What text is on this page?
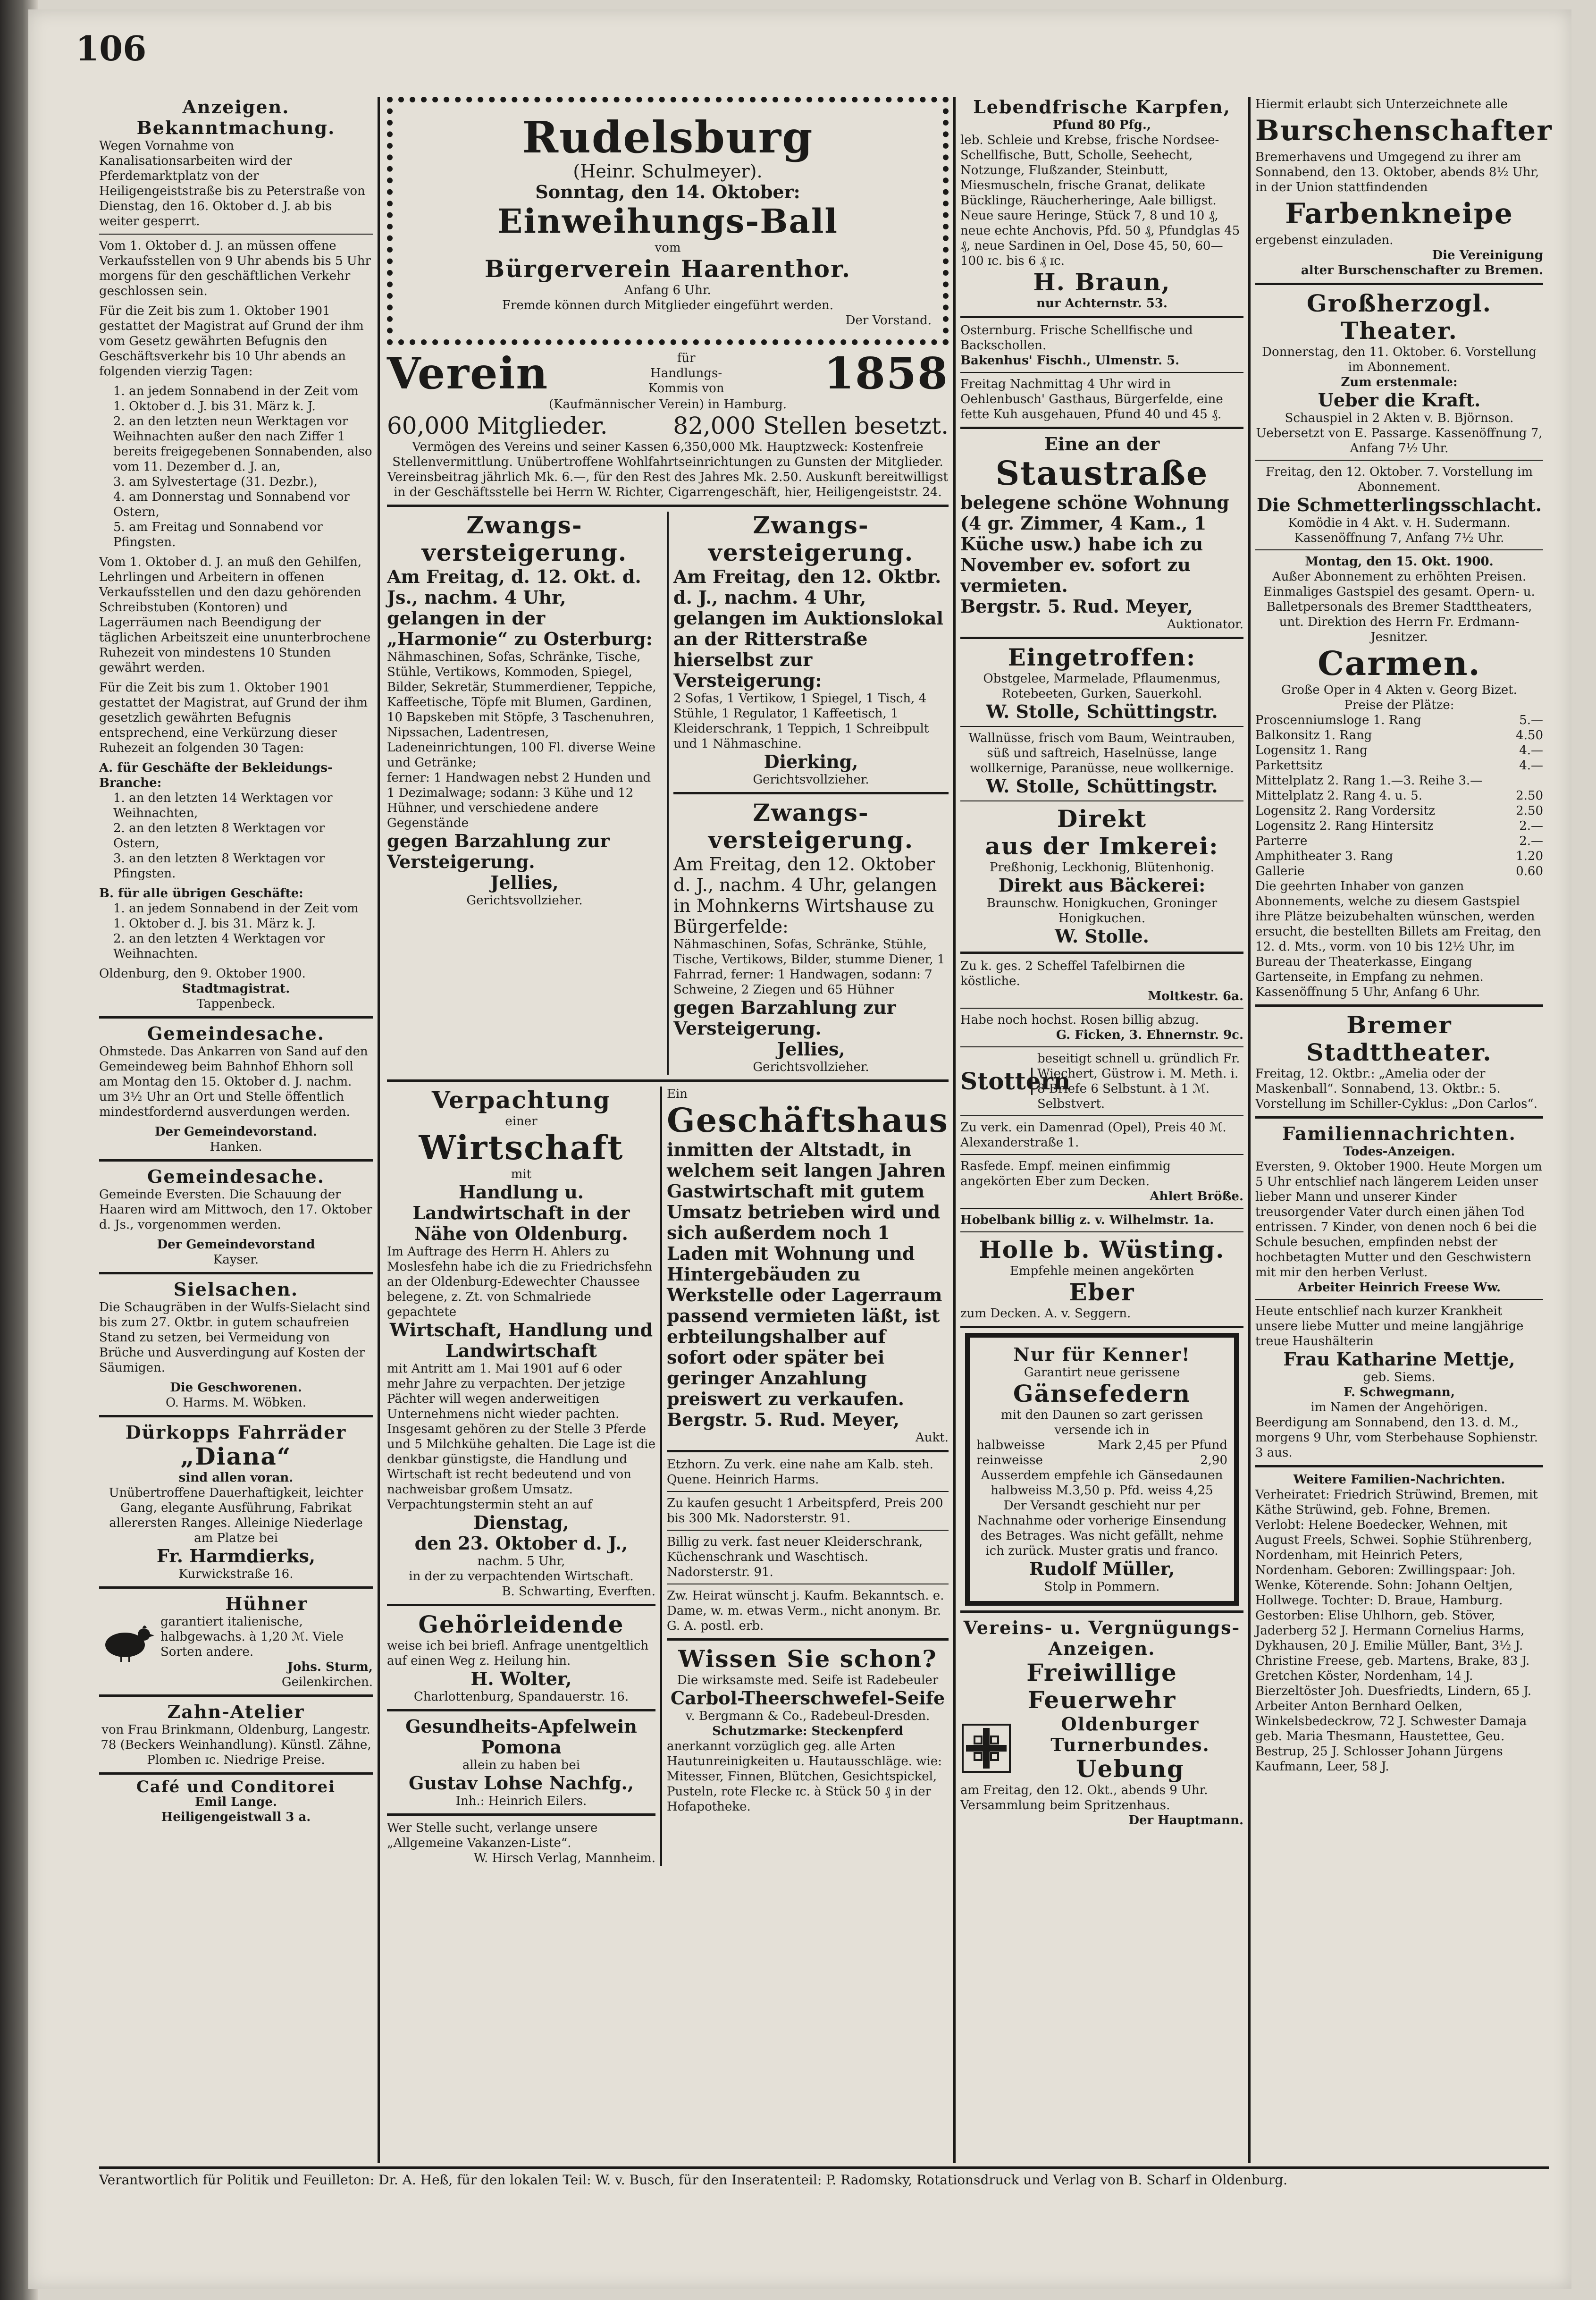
106
Anzeigen.
Bekanntmachung.
Wegen Vornahme von Kanalisationsarbeiten wird der Pferdemarktplatz von der Heiligengeiststraße bis zu Peterstraße von Dienstag, den 16. Oktober d. J. ab bis weiter gesperrt.
Vom 1. Oktober d. J. an müssen offene Verkaufsstellen von 9 Uhr abends bis 5 Uhr morgens für den geschäftlichen Verkehr geschlossen sein.
Für die Zeit bis zum 1. Oktober 1901 gestattet der Magistrat auf Grund der ihm vom Gesetz gewährten Befugnis den Geschäftsverkehr bis 10 Uhr abends an folgenden vierzig Tagen:
1. an jedem Sonnabend in der Zeit vom 1. Oktober d. J. bis 31. März k. J.
2. an den letzten neun Werktagen vor Weihnachten außer den nach Ziffer 1 bereits freigegebenen Sonnabenden, also vom 11. Dezember d. J. an,
3. am Sylvestertage (31. Dezbr.),
4. am Donnerstag und Sonnabend vor Ostern,
5. am Freitag und Sonnabend vor Pfingsten.
Vom 1. Oktober d. J. an muß den Gehilfen, Lehrlingen und Arbeitern in offenen Verkaufsstellen und den dazu gehörenden Schreibstuben (Kontoren) und Lagerräumen nach Beendigung der täglichen Arbeitszeit eine ununterbrochene Ruhezeit von mindestens 10 Stunden gewährt werden.
Für die Zeit bis zum 1. Oktober 1901 gestattet der Magistrat, auf Grund der ihm gesetzlich gewährten Befugnis entsprechend, eine Verkürzung dieser Ruhezeit an folgenden 30 Tagen:
A. für Geschäfte der Bekleidungs-Branche:
1. an den letzten 14 Werktagen vor Weihnachten,
2. an den letzten 8 Werktagen vor Ostern,
3. an den letzten 8 Werktagen vor Pfingsten.
B. für alle übrigen Geschäfte:
1. an jedem Sonnabend in der Zeit vom 1. Oktober d. J. bis 31. März k. J.
2. an den letzten 4 Werktagen vor Weihnachten.
Oldenburg, den 9. Oktober 1900.
Stadtmagistrat.
Tappenbeck.
Gemeindesache.
Ohmstede. Das Ankarren von Sand auf den Gemeindeweg beim Bahnhof Ehhorn soll am Montag den 15. Oktober d. J. nachm. um 3½ Uhr an Ort und Stelle öffentlich mindestfordernd ausverdungen werden.
Der Gemeindevorstand.
Hanken.
Gemeindesache.
Gemeinde Eversten. Die Schauung der Haaren wird am Mittwoch, den 17. Oktober d. Js., vorgenommen werden.
Der Gemeindevorstand
Kayser.
Sielsachen.
Die Schaugräben in der Wulfs-Sielacht sind bis zum 27. Oktbr. in gutem schaufreien Stand zu setzen, bei Vermeidung von Brüche und Ausverdingung auf Kosten der Säumigen.
Die Geschworenen.
O. Harms. M. Wöbken.
Dürkopps Fahrräder
„Diana“
sind allen voran.
Unübertroffene Dauerhaftigkeit, leichter Gang, elegante Ausführung, Fabrikat allerersten Ranges. Alleinige Niederlage am Platze bei
Fr. Harmdierks,
Kurwickstraße 16.
Hühner
garantiert italienische, halbgewachs. à 1,20 ℳ. Viele Sorten andere.
Johs. Sturm,
Geilenkirchen.
Zahn-Atelier
von Frau Brinkmann, Oldenburg, Langestr. 78 (Beckers Weinhandlung). Künstl. Zähne, Plomben ɪc. Niedrige Preise.
Café und Conditorei
Emil Lange.
Heiligengeistwall 3 a.
Rudelsburg
(Heinr. Schulmeyer).
Sonntag, den 14. Oktober:
Einweihungs-Ball
vom
Bürgerverein Haarenthor.
Anfang 6 Uhr.
Fremde können durch Mitglieder eingeführt werden.
Der Vorstand.
Verein	für Handlungs-Kommis von 1858
(Kaufmännischer Verein) in Hamburg.
60,000 Mitglieder.	82,000 Stellen besetzt.
Vermögen des Vereins und seiner Kassen 6,350,000 Mk. Hauptzweck: Kostenfreie Stellenvermittlung. Unübertroffene Wohlfahrtseinrichtungen zu Gunsten der Mitglieder. Vereinsbeitrag jährlich Mk. 6.—, für den Rest des Jahres Mk. 2.50. Auskunft bereitwilligst in der Geschäftsstelle bei Herrn W. Richter, Cigarrengeschäft, hier, Heiligengeiststr. 24.
Zwangs-versteigerung.
Am Freitag, d. 12. Okt. d. Js., nachm. 4 Uhr, gelangen in der „Harmonie“ zu Osterburg:
Nähmaschinen, Sofas, Schränke, Tische, Stühle, Vertikows, Kommoden, Spiegel, Bilder, Sekretär, Stummerdiener, Teppiche, Kaffeetische, Töpfe mit Blumen, Gardinen, 10 Bapskeben mit Stöpfe, 3 Taschenuhren, Nipssachen, Ladentresen, Ladeneinrichtungen, 100 Fl. diverse Weine und Getränke;
ferner: 1 Handwagen nebst 2 Hunden und 1 Dezimalwage; sodann: 3 Kühe und 12 Hühner, und verschiedene andere Gegenstände
gegen Barzahlung zur Versteigerung.
Jellies,
Gerichtsvollzieher.
Zwangs-versteigerung.
Am Freitag, den 12. Oktbr. d. J., nachm. 4 Uhr, gelangen im Auktionslokal an der Ritterstraße hierselbst zur Versteigerung:
2 Sofas, 1 Vertikow, 1 Spiegel, 1 Tisch, 4 Stühle, 1 Regulator, 1 Kaffeetisch, 1 Kleiderschrank, 1 Teppich, 1 Schreibpult und 1 Nähmaschine.
Dierking,
Gerichtsvollzieher.
Zwangs-versteigerung.
Am Freitag, den 12. Oktober d. J., nachm. 4 Uhr, gelangen in Mohnkerns Wirtshause zu Bürgerfelde:
Nähmaschinen, Sofas, Schränke, Stühle, Tische, Vertikows, Bilder, stumme Diener, 1 Fahrrad, ferner: 1 Handwagen, sodann: 7 Schweine, 2 Ziegen und 65 Hühner
gegen Barzahlung zur Versteigerung.
Jellies,
Gerichtsvollzieher.
Verpachtung
einer
Wirtschaft
mit
Handlung u. Landwirtschaft in der Nähe von Oldenburg.
Im Auftrage des Herrn H. Ahlers zu Moslesfehn habe ich die zu Friedrichsfehn an der Oldenburg-Edewechter Chaussee belegene, z. Zt. von Schmalriede gepachtete
Wirtschaft, Handlung und Landwirtschaft
mit Antritt am 1. Mai 1901 auf 6 oder mehr Jahre zu verpachten. Der jetzige Pächter will wegen anderweitigen Unternehmens nicht wieder pachten. Insgesamt gehören zu der Stelle 3 Pferde und 5 Milchkühe gehalten. Die Lage ist die denkbar günstigste, die Handlung und Wirtschaft ist recht bedeutend und von nachweisbar großem Umsatz. Verpachtungstermin steht an auf
Dienstag,
den 23. Oktober d. J.,
nachm. 5 Uhr,
in der zu verpachtenden Wirtschaft.
B. Schwarting, Everften.
Gehörleidende
weise ich bei briefl. Anfrage unentgeltlich auf einen Weg z. Heilung hin.
H. Wolter,
Charlottenburg, Spandauerstr. 16.
Gesundheits-Apfelwein
Pomona
allein zu haben bei
Gustav Lohse Nachfg.,
Inh.: Heinrich Eilers.
Wer Stelle sucht, verlange unsere „Allgemeine Vakanzen-Liste“.
W. Hirsch Verlag, Mannheim.
Ein
Geschäftshaus
inmitten der Altstadt, in welchem seit langen Jahren Gastwirtschaft mit gutem Umsatz betrieben wird und sich außerdem noch 1 Laden mit Wohnung und Hintergebäuden zu Werkstelle oder Lagerraum passend vermieten läßt, ist erbteilungshalber auf sofort oder später bei geringer Anzahlung preiswert zu verkaufen.
Bergstr. 5. Rud. Meyer,
Aukt.
Etzhorn. Zu verk. eine nahe am Kalb. steh. Quene. Heinrich Harms.
Zu kaufen gesucht 1 Arbeitspferd, Preis 200 bis 300 Mk. Nadorsterstr. 91.
Billig zu verk. fast neuer Kleiderschrank, Küchenschrank und Waschtisch. Nadorsterstr. 91.
Zw. Heirat wünscht j. Kaufm. Bekanntsch. e. Dame, w. m. etwas Verm., nicht anonym. Br. G. A. postl. erb.
Wissen Sie schon?
Die wirksamste med. Seife ist Radebeuler
Carbol-Theerschwefel-Seife
v. Bergmann & Co., Radebeul-Dresden.
Schutzmarke: Steckenpferd
anerkannt vorzüglich geg. alle Arten Hautunreinigkeiten u. Hautausschläge. wie: Mitesser, Finnen, Blütchen, Gesichtspickel, Pusteln, rote Flecke ɪc. à Stück 50 ₰ in der Hofapotheke.
Lebendfrische Karpfen,
Pfund 80 Pfg.,
leb. Schleie und Krebse, frische Nordsee-Schellfische, Butt, Scholle, Seehecht, Notzunge, Flußzander, Steinbutt, Miesmuscheln, frische Granat, delikate Bücklinge, Räucherheringe, Aale billigst. Neue saure Heringe, Stück 7, 8 und 10 ₰, neue echte Anchovis, Pfd. 50 ₰, Pfundglas 45 ₰, neue Sardinen in Oel, Dose 45, 50, 60—100 ɪc. bis 6 ₰ ɪc.
H. Braun,
nur Achternstr. 53.
Osternburg. Frische Schellfische und Backschollen.
Bakenhus' Fischh., Ulmenstr. 5.
Freitag Nachmittag 4 Uhr wird in Oehlenbusch' Gasthaus, Bürgerfelde, eine fette Kuh ausgehauen, Pfund 40 und 45 ₰.
Eine an der
Staustraße
belegene schöne Wohnung (4 gr. Zimmer, 4 Kam., 1 Küche usw.) habe ich zu November ev. sofort zu vermieten.
Bergstr. 5. Rud. Meyer,
Auktionator.
Eingetroffen:
Obstgelee, Marmelade, Pflaumenmus, Rotebeeten, Gurken, Sauerkohl.
W. Stolle, Schüttingstr.
Wallnüsse, frisch vom Baum, Weintrauben, süß und saftreich, Haselnüsse, lange wollkernige, Paranüsse, neue wollkernige.
W. Stolle, Schüttingstr.
Direkt
aus der Imkerei:
Preßhonig, Leckhonig, Blütenhonig.
Direkt aus Bäckerei:
Braunschw. Honigkuchen, Groninger Honigkuchen.
W. Stolle.
Zu k. ges. 2 Scheffel Tafelbirnen die köstliche.
Moltkestr. 6a.
Habe noch hochst. Rosen billig abzug.
G. Ficken, 3. Ehnernstr. 9c.
Stottern
beseitigt schnell u. gründlich Fr. Wiechert, Güstrow i. M. Meth. i. 8 Briefe 6 Selbstunt. à 1 ℳ. Selbstvert.
Zu verk. ein Damenrad (Opel), Preis 40 ℳ. Alexanderstraße 1.
Rasfede. Empf. meinen einfimmig angekörten Eber zum Decken.
Ahlert Bröße.
Hobelbank billig z. v. Wilhelmstr. 1a.
Holle b. Wüsting.
Empfehle meinen angekörten
Eber
zum Decken. A. v. Seggern.
Nur für Kenner!
Garantirt neue gerissene
Gänsefedern
mit den Daunen so zart gerissen versende ich in
halbweisse	Mark 2,45 per Pfund
reinweisse	2,90
Ausserdem empfehle ich Gänsedaunen halbweiss M.3,50 p. Pfd. weiss 4,25
Der Versandt geschieht nur per Nachnahme oder vorherige Einsendung des Betrages. Was nicht gefällt, nehme ich zurück. Muster gratis und franco.
Rudolf Müller,
Stolp in Pommern.
Vereins- u. Vergnügungs-Anzeigen.
Freiwillige Feuerwehr
Oldenburger Turnerbundes.
Uebung
am Freitag, den 12. Okt., abends 9 Uhr. Versammlung beim Spritzenhaus.
Der Hauptmann.
Hiermit erlaubt sich Unterzeichnete alle
Burschenschafter
Bremerhavens und Umgegend zu ihrer am Sonnabend, den 13. Oktober, abends 8½ Uhr, in der Union stattfindenden
Farbenkneipe
ergebenst einzuladen.
Die Vereinigung
alter Burschenschafter zu Bremen.
Großherzogl. Theater.
Donnerstag, den 11. Oktober. 6. Vorstellung im Abonnement.
Zum erstenmale:
Ueber die Kraft.
Schauspiel in 2 Akten v. B. Björnson. Uebersetzt von E. Passarge. Kassenöffnung 7, Anfang 7½ Uhr.
Freitag, den 12. Oktober. 7. Vorstellung im Abonnement.
Die Schmetterlingsschlacht.
Komödie in 4 Akt. v. H. Sudermann. Kassenöffnung 7, Anfang 7½ Uhr.
Montag, den 15. Okt. 1900.
Außer Abonnement zu erhöhten Preisen. Einmaliges Gastspiel des gesamt. Opern- u. Balletpersonals des Bremer Stadttheaters, unt. Direktion des Herrn Fr. Erdmann-Jesnitzer.
Carmen.
Große Oper in 4 Akten v. Georg Bizet.
Preise der Plätze:
Proscenniumsloge 1. Rang	5.—
Balkonsitz 1. Rang	4.50
Logensitz 1. Rang	4.—
Parkettsitz	4.—
Mittelplatz 2. Rang 1.—3. Reihe 3.—
Mittelplatz 2. Rang 4. u. 5.	2.50
Logensitz 2. Rang Vordersitz	2.50
Logensitz 2. Rang Hintersitz	2.—
Parterre	2.—
Amphitheater 3. Rang	1.20
Gallerie	0.60
Die geehrten Inhaber von ganzen Abonnements, welche zu diesem Gastspiel ihre Plätze beizubehalten wünschen, werden ersucht, die bestellten Billets am Freitag, den 12. d. Mts., vorm. von 10 bis 12½ Uhr, im Bureau der Theaterkasse, Eingang Gartenseite, in Empfang zu nehmen. Kassenöffnung 5 Uhr, Anfang 6 Uhr.
Bremer Stadttheater.
Freitag, 12. Oktbr.: „Amelia oder der Maskenball“. Sonnabend, 13. Oktbr.: 5. Vorstellung im Schiller-Cyklus: „Don Carlos“.
Familiennachrichten.
Todes-Anzeigen.
Eversten, 9. Oktober 1900. Heute Morgen um 5 Uhr entschlief nach längerem Leiden unser lieber Mann und unserer Kinder treusorgender Vater durch einen jähen Tod entrissen. 7 Kinder, von denen noch 6 bei die Schule besuchen, empfinden nebst der hochbetagten Mutter und den Geschwistern mit mir den herben Verlust.
Arbeiter Heinrich Freese Ww.
Heute entschlief nach kurzer Krankheit unsere liebe Mutter und meine langjährige treue Haushälterin
Frau Katharine Mettje,
geb. Siems.
F. Schwegmann,
im Namen der Angehörigen.
Beerdigung am Sonnabend, den 13. d. M., morgens 9 Uhr, vom Sterbehause Sophienstr. 3 aus.
Weitere Familien-Nachrichten.
Verheiratet: Friedrich Strüwind, Bremen, mit Käthe Strüwind, geb. Fohne, Bremen. Verlobt: Helene Boedecker, Wehnen, mit August Freels, Schwei. Sophie Stührenberg, Nordenham, mit Heinrich Peters, Nordenham. Geboren: Zwillingspaar: Joh. Wenke, Köterende. Sohn: Johann Oeltjen, Hollwege. Tochter: D. Braue, Hamburg. Gestorben: Elise Uhlhorn, geb. Stöver, Jaderberg 52 J. Hermann Cornelius Harms, Dykhausen, 20 J. Emilie Müller, Bant, 3½ J. Christine Freese, geb. Martens, Brake, 83 J. Gretchen Köster, Nordenham, 14 J. Bierzeltöster Joh. Duesfriedts, Lindern, 65 J. Arbeiter Anton Bernhard Oelken, Winkelsbedeckrow, 72 J. Schwester Damaja geb. Maria Thesmann, Haustettee, Geu. Bestrup, 25 J. Schlosser Johann Jürgens Kaufmann, Leer, 58 J.
Verantwortlich für Politik und Feuilleton: Dr. A. Heß, für den lokalen Teil: W. v. Busch, für den Inseratenteil: P. Radomsky, Rotationsdruck und Verlag von B. Scharf in Oldenburg.
